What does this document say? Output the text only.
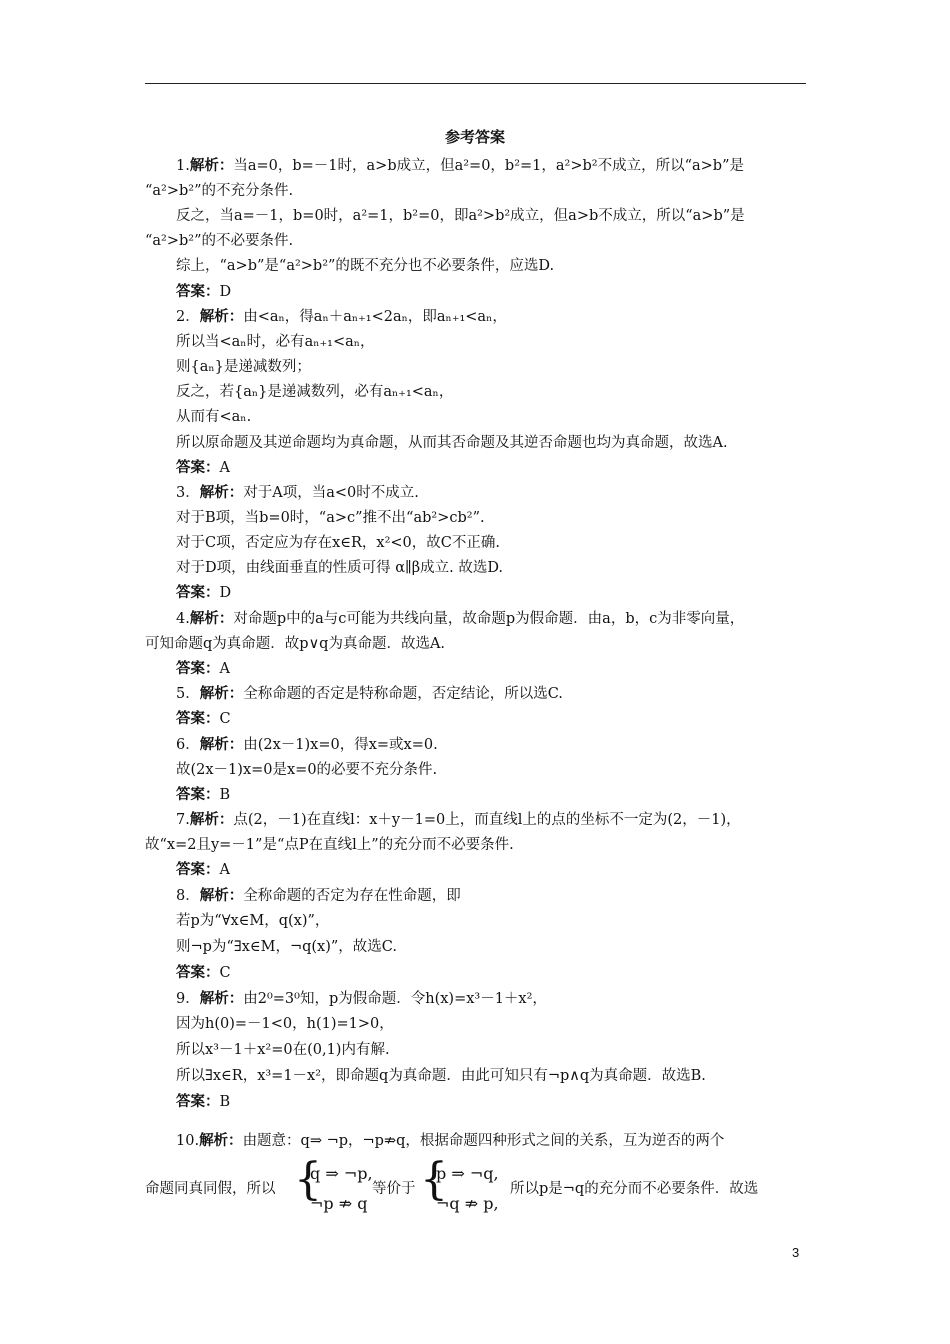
参考答案
1.解析：当a=0，b=－1时，a>b成立，但a²=0，b²=1，a²>b²不成立，所以“a>b”是
“a²>b²”的不充分条件.
反之，当a=－1，b=0时，a²=1，b²=0，即a²>b²成立，但a>b不成立，所以“a>b”是
“a²>b²”的不必要条件.
综上，“a>b”是“a²>b²”的既不充分也不必要条件，应选D.
答案：D
2．解析：由<aₙ，得aₙ＋aₙ₊₁<2aₙ，即aₙ₊₁<aₙ，
所以当<aₙ时，必有aₙ₊₁<aₙ，
则{aₙ}是递减数列；
反之，若{aₙ}是递减数列，必有aₙ₊₁<aₙ，
从而有<aₙ.
所以原命题及其逆命题均为真命题，从而其否命题及其逆否命题也均为真命题，故选A.
答案：A
3．解析：对于A项，当a<0时不成立.
对于B项，当b=0时，“a>c”推不出“ab²>cb²”.
对于C项，否定应为存在x∈R，x²<0，故C不正确.
对于D项，由线面垂直的性质可得 α∥β成立. 故选D.
答案：D
4.解析：对命题p中的a与c可能为共线向量，故命题p为假命题．由a，b，c为非零向量，
可知命题q为真命题．故p∨q为真命题．故选A.
答案：A
5．解析：全称命题的否定是特称命题，否定结论，所以选C.
答案：C
6．解析：由(2x－1)x=0，得x=或x=0.
故(2x－1)x=0是x=0的必要不充分条件.
答案：B
7.解析：点(2，－1)在直线l：x＋y－1=0上，而直线l上的点的坐标不一定为(2，－1)，
故“x=2且y=－1”是“点P在直线l上”的充分而不必要条件.
答案：A
8．解析：全称命题的否定为存在性命题，即
若p为“∀x∈M，q(x)”，
则¬p为“∃x∈M，¬q(x)”，故选C.
答案：C
9．解析：由2⁰=3⁰知，p为假命题．令h(x)=x³－1＋x²，
因为h(0)=－1<0，h(1)=1>0，
所以x³－1＋x²=0在(0,1)内有解.
所以∃x∈R，x³=1－x²，即命题q为真命题．由此可知只有¬p∧q为真命题．故选B.
答案：B
10.解析：由题意：q⇒ ¬p，¬p⇏q，根据命题四种形式之间的关系，互为逆否的两个
命题同真同假，所以 {
q ⇒ ¬p,
¬p ⇏ q
等价于 {
p ⇒ ¬q,
¬q ⇏ p,
所以p是¬q的充分而不必要条件．故选
3
